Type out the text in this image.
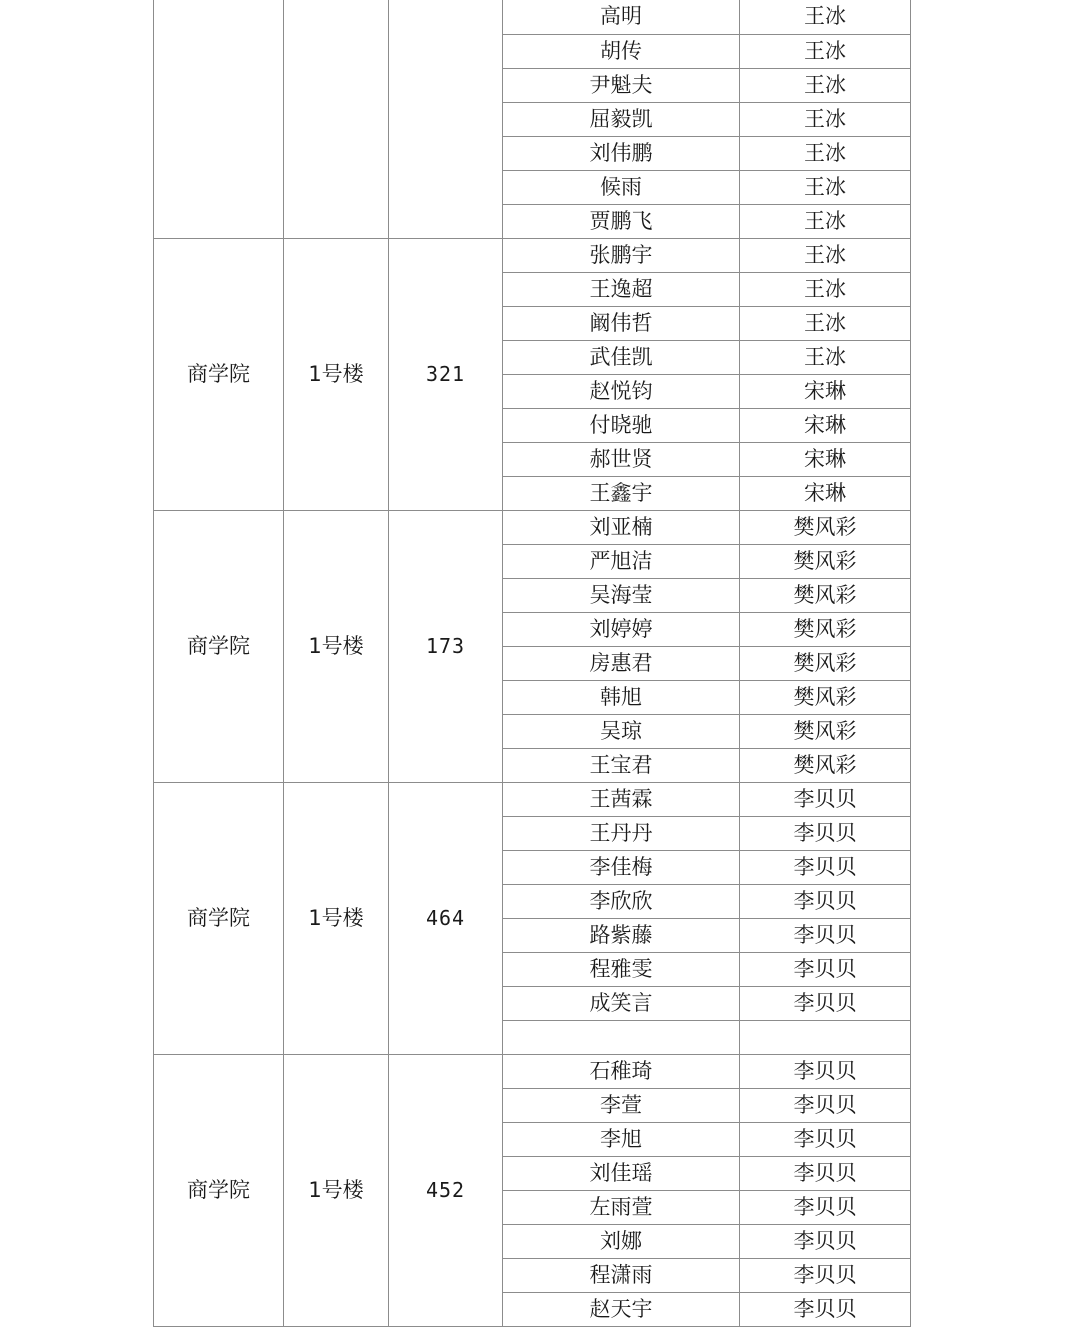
			高明	王冰
			胡传	王冰
			尹魁夫	王冰
			屈毅凯	王冰
			刘伟鹏	王冰
			候雨	王冰
			贾鹏飞	王冰
商学院	1号楼	321	张鹏宇	王冰
			王逸超	王冰
			阚伟哲	王冰
			武佳凯	王冰
			赵悦钧	宋琳
			付晓驰	宋琳
			郝世贤	宋琳
			王鑫宇	宋琳
商学院	1号楼	173	刘亚楠	樊风彩
			严旭洁	樊风彩
			吴海莹	樊风彩
			刘婷婷	樊风彩
			房惠君	樊风彩
			韩旭	樊风彩
			吴琼	樊风彩
			王宝君	樊风彩
商学院	1号楼	464	王茜霖	李贝贝
			王丹丹	李贝贝
			李佳梅	李贝贝
			李欣欣	李贝贝
			路紫藤	李贝贝
			程雅雯	李贝贝
			成笑言	李贝贝

商学院	1号楼	452	石稚琦	李贝贝
			李萱	李贝贝
			李旭	李贝贝
			刘佳瑶	李贝贝
			左雨萱	李贝贝
			刘娜	李贝贝
			程潇雨	李贝贝
			赵天宇	李贝贝
